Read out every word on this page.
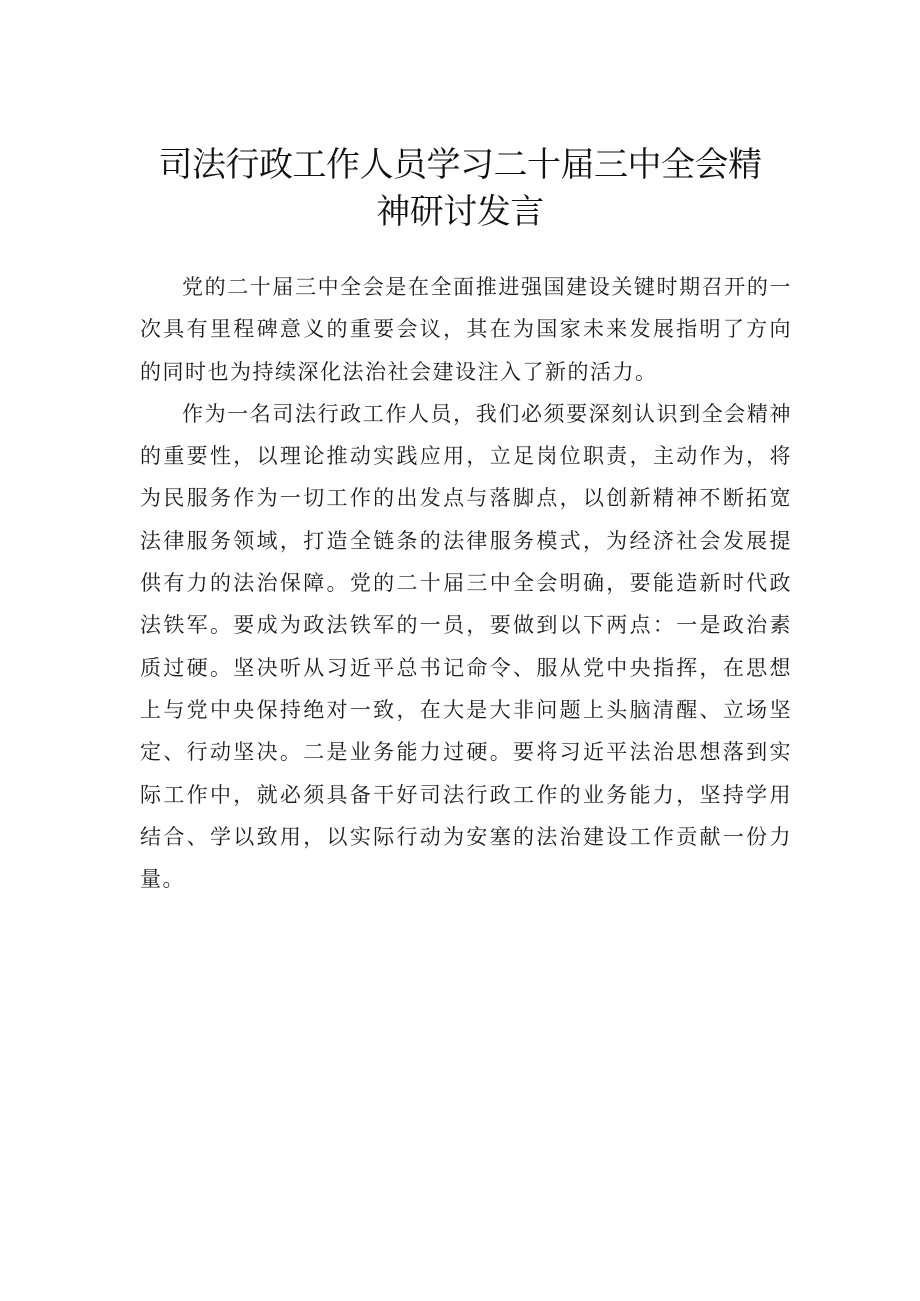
司法行政工作人员学习二十届三中全会精
神研讨发言

党的二十届三中全会是在全面推进强国建设关键时期召开的一次具有里程碑意义的重要会议，其在为国家未来发展指明了方向的同时也为持续深化法治社会建设注入了新的活力。

作为一名司法行政工作人员，我们必须要深刻认识到全会精神的重要性，以理论推动实践应用，立足岗位职责，主动作为，将为民服务作为一切工作的出发点与落脚点，以创新精神不断拓宽法律服务领域，打造全链条的法律服务模式，为经济社会发展提供有力的法治保障。党的二十届三中全会明确，要能造新时代政法铁军。要成为政法铁军的一员，要做到以下两点：一是政治素质过硬。坚决听从习近平总书记命令、服从党中央指挥，在思想上与党中央保持绝对一致，在大是大非问题上头脑清醒、立场坚定、行动坚决。二是业务能力过硬。要将习近平法治思想落到实际工作中，就必须具备干好司法行政工作的业务能力，坚持学用结合、学以致用，以实际行动为安塞的法治建设工作贡献一份力量。
